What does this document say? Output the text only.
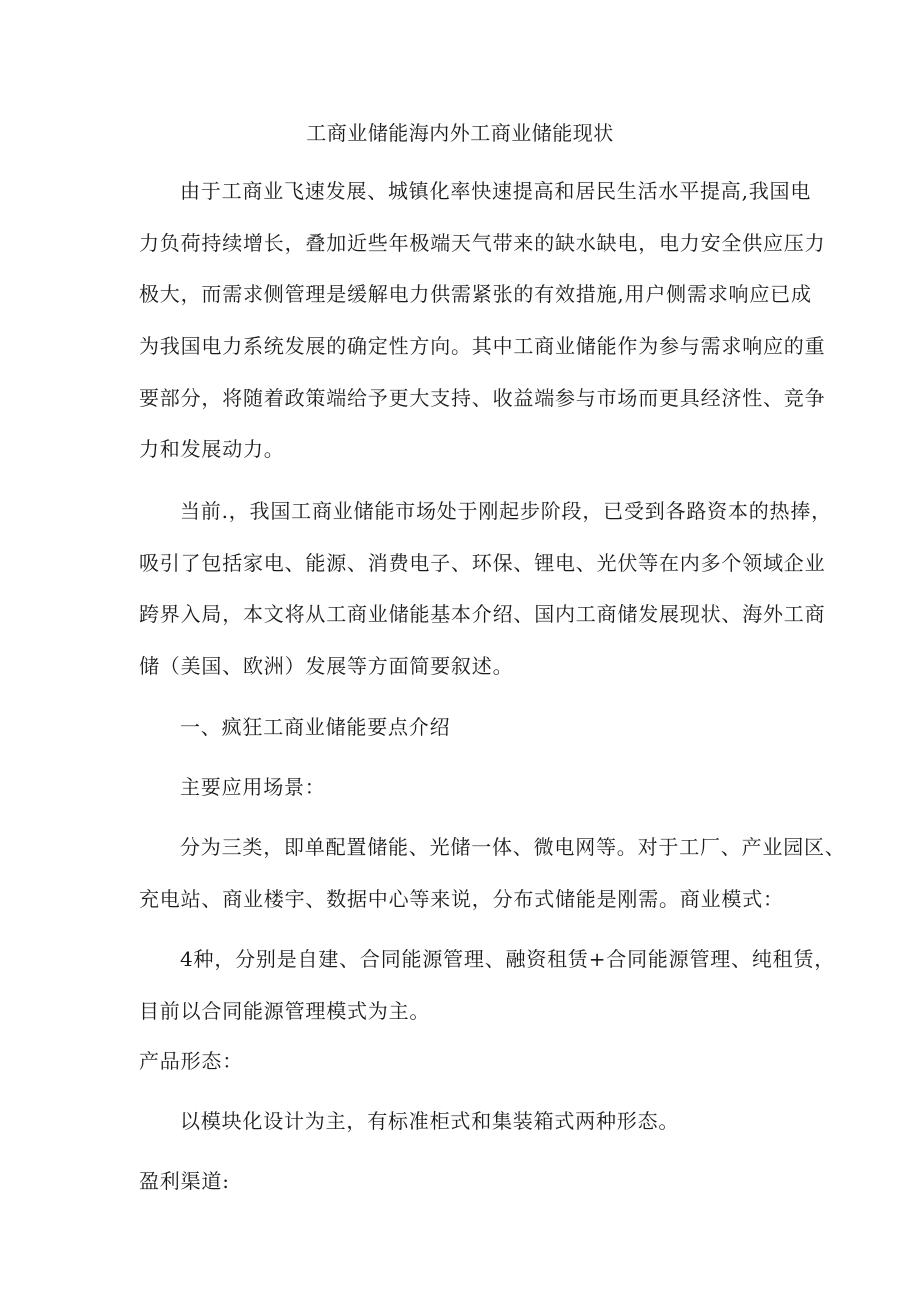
工商业储能海内外工商业储能现状
由于工商业飞速发展、城镇化率快速提高和居民生活水平提高,我国电
力负荷持续增长，叠加近些年极端天气带来的缺水缺电，电力安全供应压力
极大，而需求侧管理是缓解电力供需紧张的有效措施,用户侧需求响应已成
为我国电力系统发展的确定性方向。其中工商业储能作为参与需求响应的重
要部分，将随着政策端给予更大支持、收益端参与市场而更具经济性、竞争
力和发展动力。
当前.，我国工商业储能市场处于刚起步阶段，已受到各路资本的热捧，
吸引了包括家电、能源、消费电子、环保、锂电、光伏等在内多个领域企业
跨界入局，本文将从工商业储能基本介绍、国内工商储发展现状、海外工商
储（美国、欧洲）发展等方面简要叙述。
一、疯狂工商业储能要点介绍
主要应用场景：
分为三类，即单配置储能、光储一体、微电网等。对于工厂、产业园区、
充电站、商业楼宇、数据中心等来说，分布式储能是刚需。商业模式：
4种，分别是自建、合同能源管理、融资租赁+合同能源管理、纯租赁，
目前以合同能源管理模式为主。
产品形态：
以模块化设计为主，有标准柜式和集装箱式两种形态。
盈利渠道:
